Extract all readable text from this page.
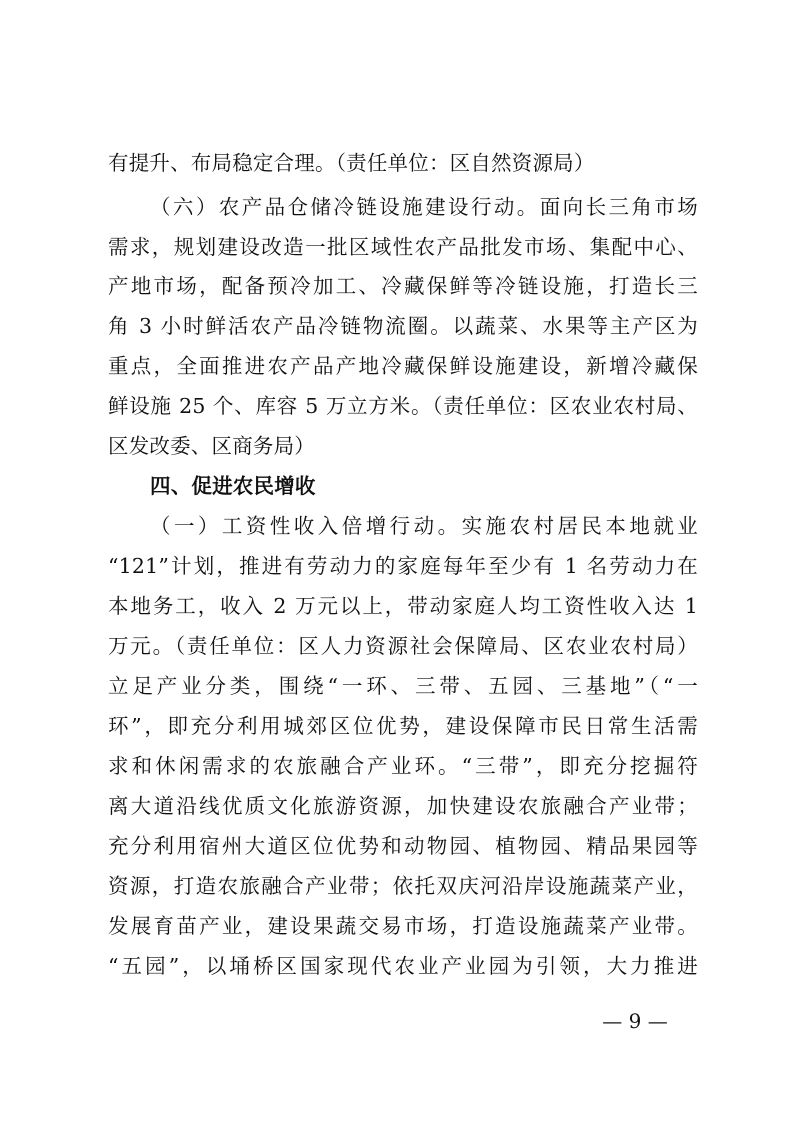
有提升、布局稳定合理。（责任单位：区自然资源局）
（六）农产品仓储冷链设施建设行动。面向长三角市场
需求，规划建设改造一批区域性农产品批发市场、集配中心、
产地市场，配备预冷加工、冷藏保鲜等冷链设施，打造长三
角 3 小时鲜活农产品冷链物流圈。以蔬菜、水果等主产区为
重点，全面推进农产品产地冷藏保鲜设施建设，新增冷藏保
鲜设施 25 个、库容 5 万立方米。（责任单位：区农业农村局、
区发改委、区商务局）
四、促进农民增收
（一）工资性收入倍增行动。实施农村居民本地就业
“121”计划，推进有劳动力的家庭每年至少有 1 名劳动力在
本地务工，收入 2 万元以上，带动家庭人均工资性收入达 1
万元。（责任单位：区人力资源社会保障局、区农业农村局）
立足产业分类，围绕“一环、三带、五园、三基地”（“一
环”，即充分利用城郊区位优势，建设保障市民日常生活需
求和休闲需求的农旅融合产业环。“三带”，即充分挖掘符
离大道沿线优质文化旅游资源，加快建设农旅融合产业带；
充分利用宿州大道区位优势和动物园、植物园、精品果园等
资源，打造农旅融合产业带；依托双庆河沿岸设施蔬菜产业，
发展育苗产业，建设果蔬交易市场，打造设施蔬菜产业带。
“五园”，以埇桥区国家现代农业产业园为引领，大力推进
— 9 —
